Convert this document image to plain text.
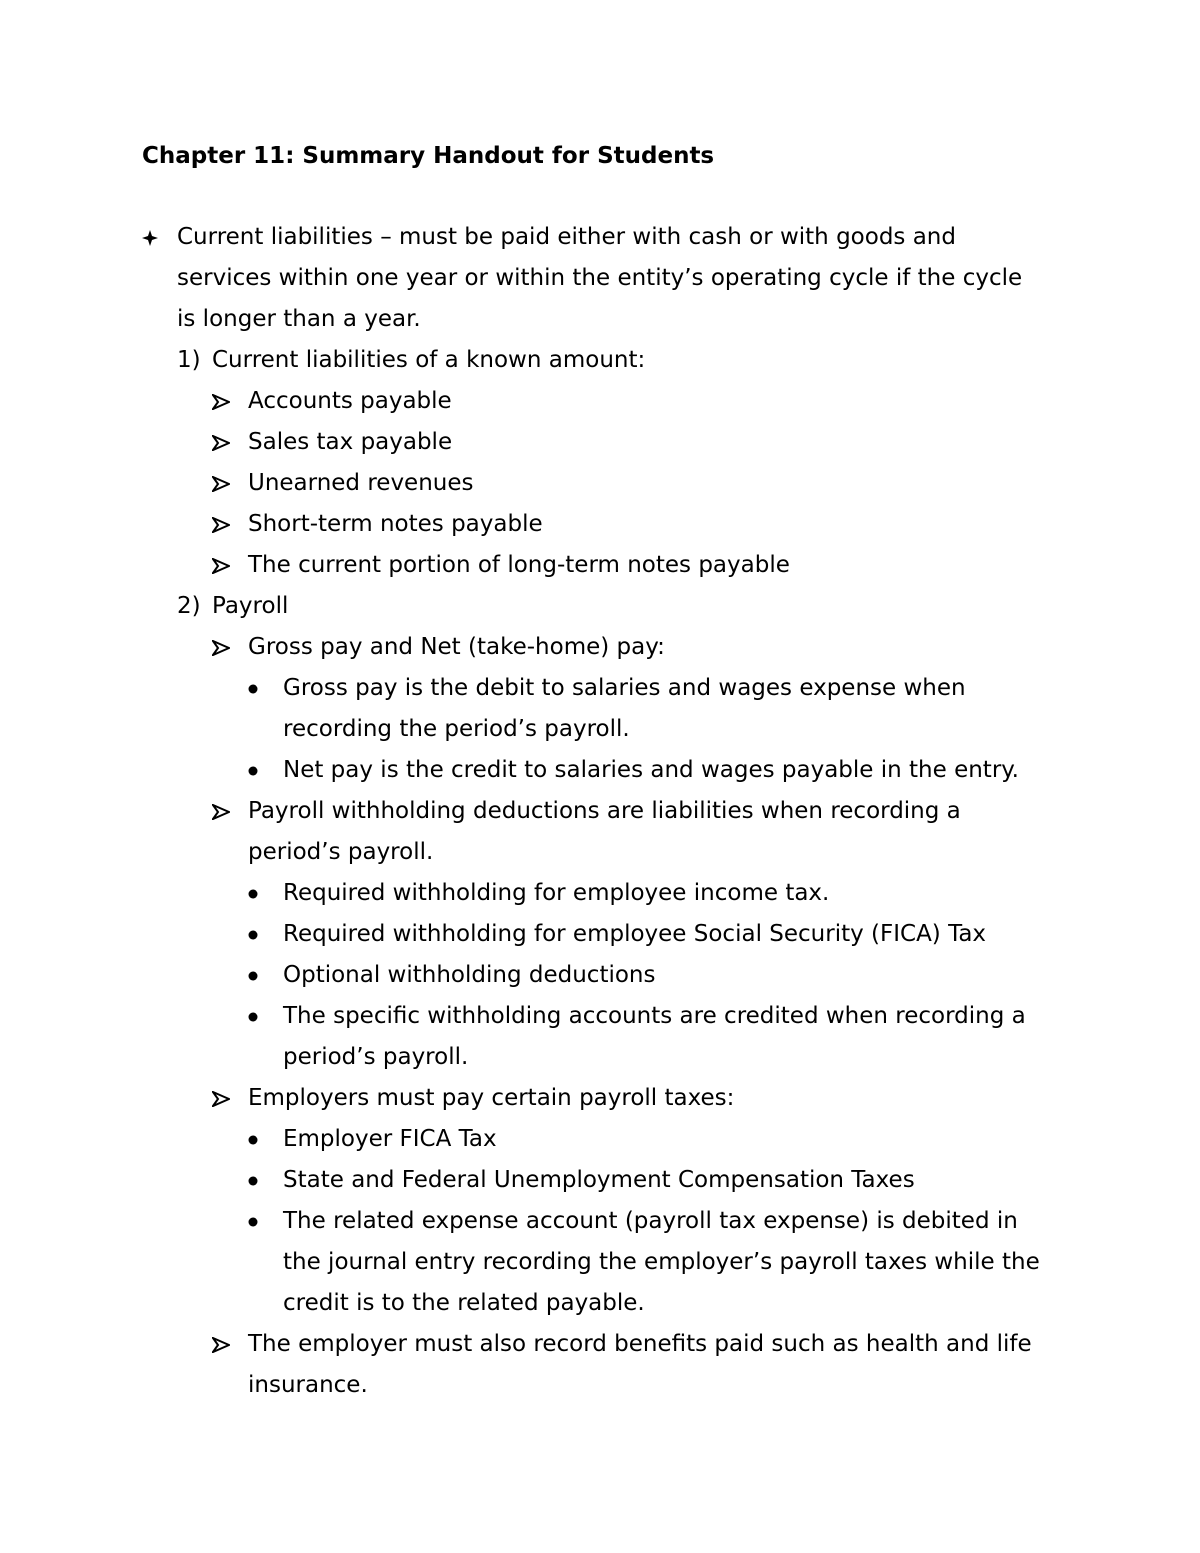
Chapter 11: Summary Handout for Students
Current liabilities – must be paid either with cash or with goods and
services within one year or within the entity’s operating cycle if the cycle
is longer than a year.
1) Current liabilities of a known amount:
Accounts payable
Sales tax payable
Unearned revenues
Short-term notes payable
The current portion of long-term notes payable
2) Payroll
Gross pay and Net (take-home) pay:
Gross pay is the debit to salaries and wages expense when
recording the period’s payroll.
Net pay is the credit to salaries and wages payable in the entry.
Payroll withholding deductions are liabilities when recording a
period’s payroll.
Required withholding for employee income tax.
Required withholding for employee Social Security (FICA) Tax
Optional withholding deductions
The specific withholding accounts are credited when recording a
period’s payroll.
Employers must pay certain payroll taxes:
Employer FICA Tax
State and Federal Unemployment Compensation Taxes
The related expense account (payroll tax expense) is debited in
the journal entry recording the employer’s payroll taxes while the
credit is to the related payable.
The employer must also record benefits paid such as health and life
insurance.
